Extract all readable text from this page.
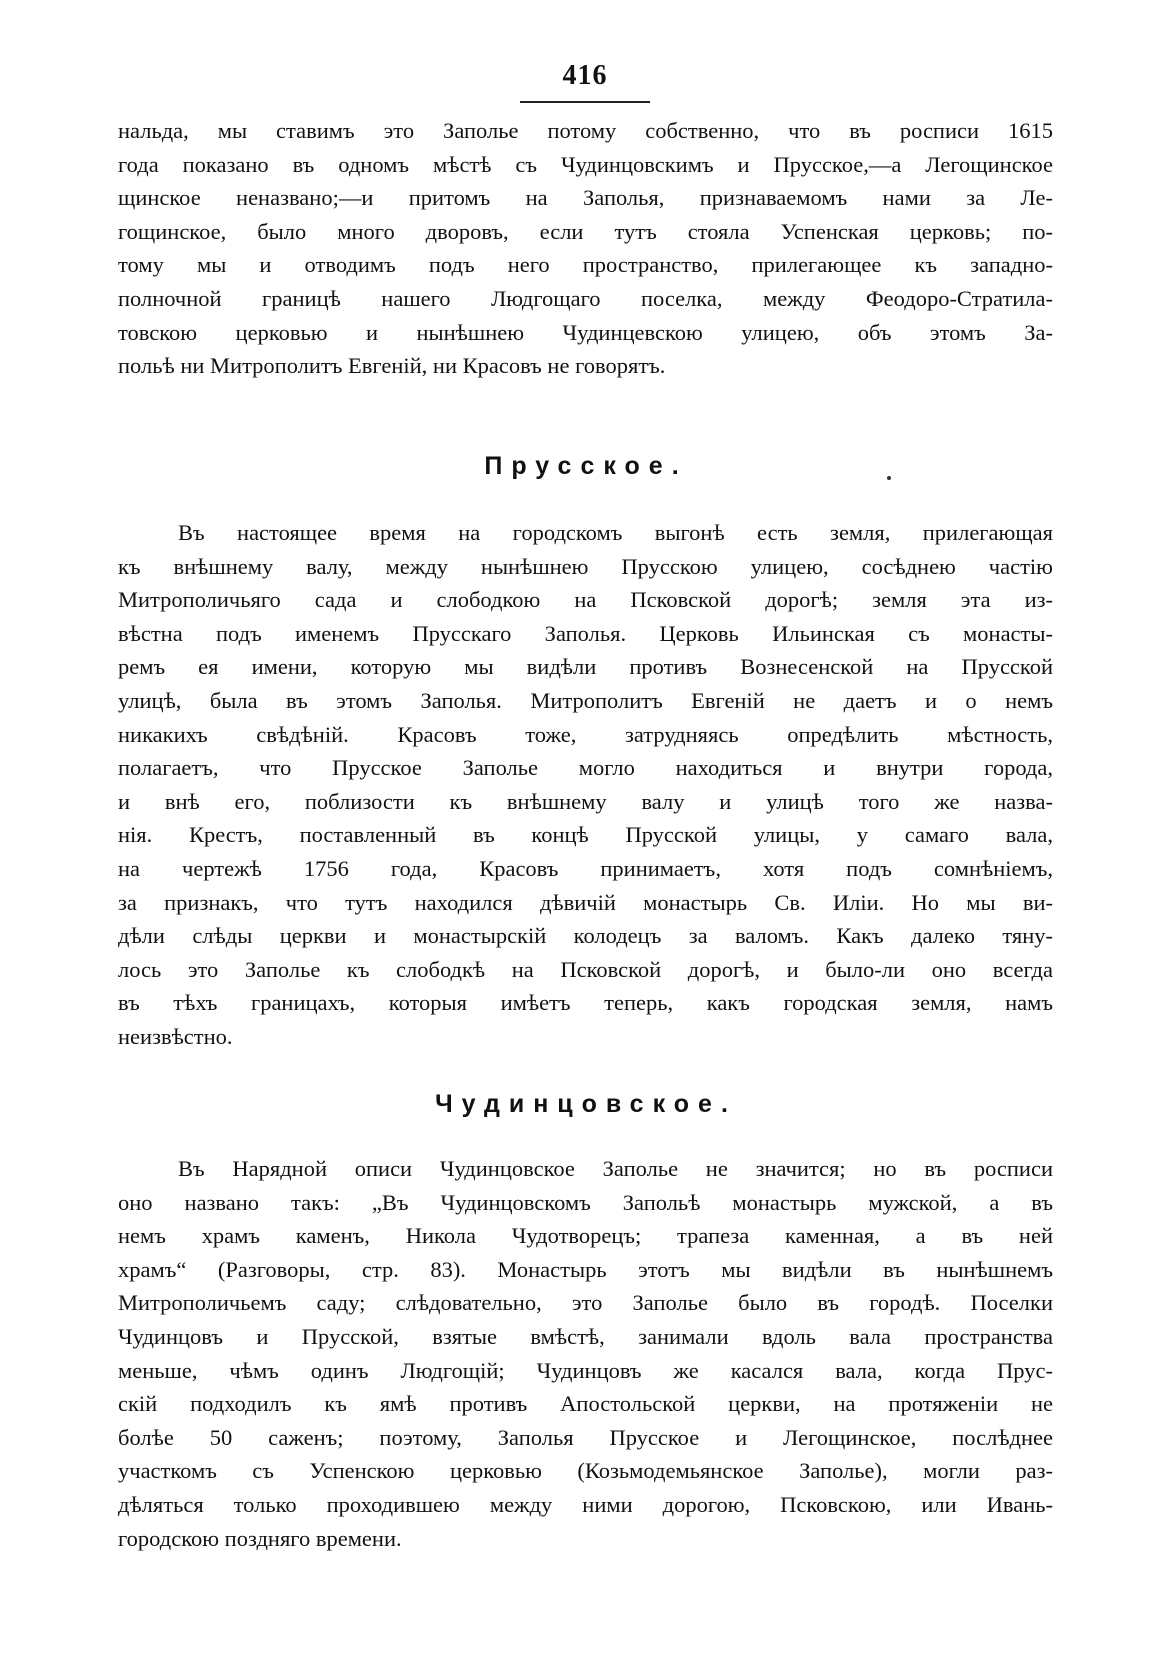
416
нальда, мы ставимъ это Заполье потому собственно, что въ росписи 1615
года показано въ одномъ мѣстѣ съ Чудинцовскимъ и Прусское,—а Легощинское
щинское неназвано;—и притомъ на Заполья, признаваемомъ нами за Ле-
гощинское, было много дворовъ, если тутъ стояла Успенская церковь; по-
тому мы и отводимъ подъ него пространство, прилегающее къ западно-
полночной границѣ нашего Людгощаго поселка, между Феодоро-Стратила-
товскою церковью и нынѣшнею Чудинцевскою улицею, объ этомъ За-
польѣ ни Митрополитъ Евгеній, ни Красовъ не говорятъ.
Прусское.
Въ настоящее время на городскомъ выгонѣ есть земля, прилегающая
къ внѣшнему валу, между нынѣшнею Прусскою улицею, сосѣднею частію
Митрополичьяго сада и слободкою на Псковской дорогѣ; земля эта из-
вѣстна подъ именемъ Прусскаго Заполья. Церковь Ильинская съ монасты-
ремъ ея имени, которую мы видѣли противъ Вознесенской на Прусской
улицѣ, была въ этомъ Заполья. Митрополитъ Евгеній не даетъ и о немъ
никакихъ свѣдѣній. Красовъ тоже, затрудняясь опредѣлить мѣстность,
полагаетъ, что Прусское Заполье могло находиться и внутри города,
и внѣ его, поблизости къ внѣшнему валу и улицѣ того же назва-
нія. Крестъ, поставленный въ концѣ Прусской улицы, у самаго вала,
на чертежѣ 1756 года, Красовъ принимаетъ, хотя подъ сомнѣніемъ,
за признакъ, что тутъ находился дѣвичій монастырь Св. Иліи. Но мы ви-
дѣли слѣды церкви и монастырскій колодецъ за валомъ. Какъ далеко тяну-
лось это Заполье къ слободкѣ на Псковской дорогѣ, и было-ли оно всегда
въ тѣхъ границахъ, которыя имѣетъ теперь, какъ городская земля, намъ
неизвѣстно.
Чудинцовское.
Въ Нарядной описи Чудинцовское Заполье не значится; но въ росписи
оно названо такъ: „Въ Чудинцовскомъ Запольѣ монастырь мужской, а въ
немъ храмъ каменъ, Никола Чудотворецъ; трапеза каменная, а въ ней
храмъ“ (Разговоры, стр. 83). Монастырь этотъ мы видѣли въ нынѣшнемъ
Митрополичьемъ саду; слѣдовательно, это Заполье было въ городѣ. Поселки
Чудинцовъ и Прусской, взятые вмѣстѣ, занимали вдоль вала пространства
меньше, чѣмъ одинъ Людгощій; Чудинцовъ же касался вала, когда Прус-
скій подходилъ къ ямѣ противъ Апостольской церкви, на протяженіи не
болѣе 50 саженъ; поэтому, Заполья Прусское и Легощинское, послѣднее
участкомъ съ Успенскою церковью (Козьмодемьянское Заполье), могли раз-
дѣляться только проходившею между ними дорогою, Псковскою, или Ивань-
городскою поздняго времени.
